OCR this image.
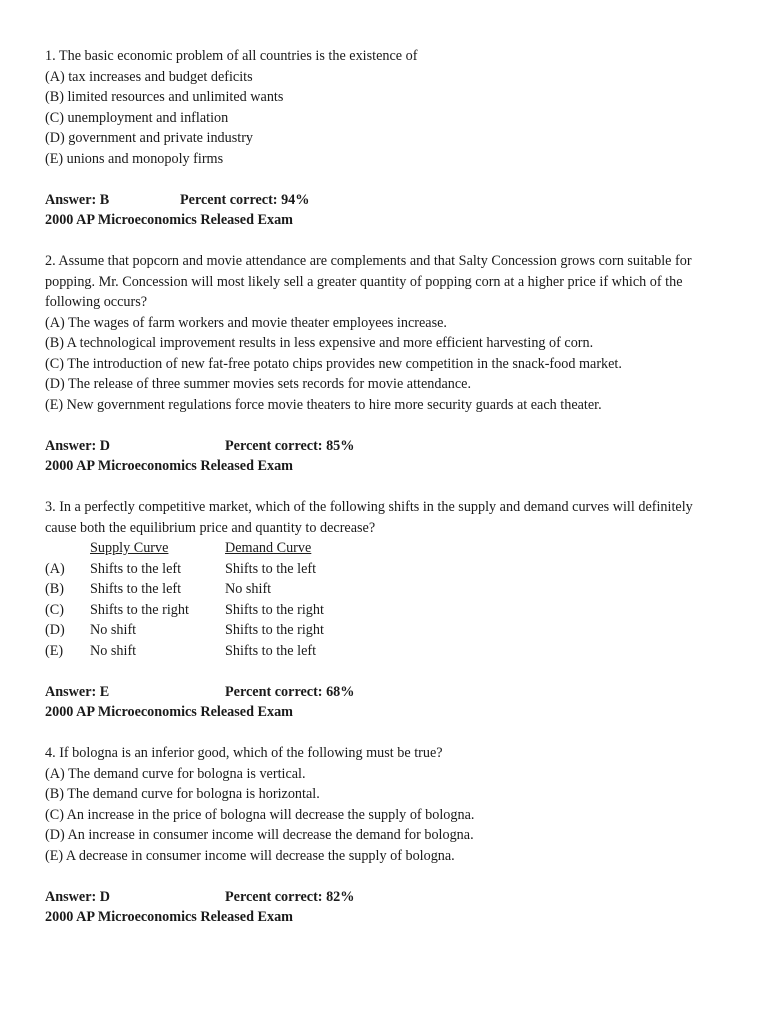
1. The basic economic problem of all countries is the existence of
(A) tax increases and budget deficits
(B) limited resources and unlimited wants
(C) unemployment and inflation
(D) government and private industry
(E) unions and monopoly firms
Answer: B	Percent correct: 94%
2000 AP Microeconomics Released Exam
2. Assume that popcorn and movie attendance are complements and that Salty Concession grows corn suitable for popping. Mr. Concession will most likely sell a greater quantity of popping corn at a higher price if which of the following occurs?
(A) The wages of farm workers and movie theater employees increase.
(B) A technological improvement results in less expensive and more efficient harvesting of corn.
(C) The introduction of new fat-free potato chips provides new competition in the snack-food market.
(D) The release of three summer movies sets records for movie attendance.
(E) New government regulations force movie theaters to hire more security guards at each theater.
Answer: D	Percent correct: 85%
2000 AP Microeconomics Released Exam
3. In a perfectly competitive market, which of the following shifts in the supply and demand curves will definitely cause both the equilibrium price and quantity to decrease?
Supply Curve	Demand Curve
(A)	Shifts to the left	Shifts to the left
(B)	Shifts to the left	No shift
(C)	Shifts to the right	Shifts to the right
(D)	No shift	Shifts to the right
(E)	No shift	Shifts to the left
Answer: E	Percent correct: 68%
2000 AP Microeconomics Released Exam
4. If bologna is an inferior good, which of the following must be true?
(A) The demand curve for bologna is vertical.
(B) The demand curve for bologna is horizontal.
(C) An increase in the price of bologna will decrease the supply of bologna.
(D) An increase in consumer income will decrease the demand for bologna.
(E) A decrease in consumer income will decrease the supply of bologna.
Answer: D	Percent correct: 82%
2000 AP Microeconomics Released Exam
